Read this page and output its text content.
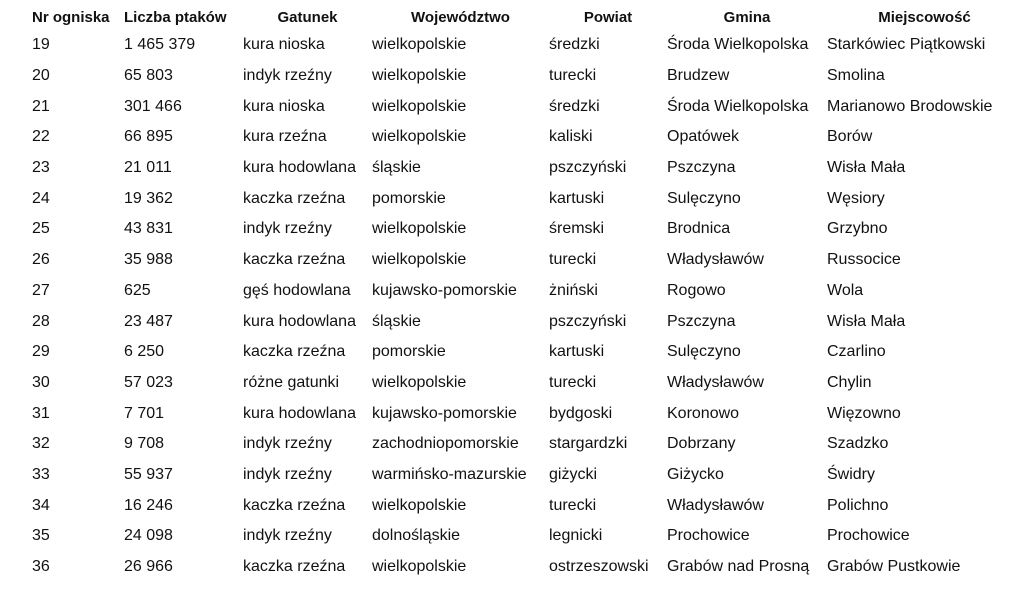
Nr ogniska	Liczba ptaków	Gatunek	Województwo	Powiat	Gmina	Miejscowość
19	1 465 379	kura nioska	wielkopolskie	średzki	Środa Wielkopolska	Starkówiec Piątkowski
20	65 803	indyk rzeźny	wielkopolskie	turecki	Brudzew	Smolina
21	301 466	kura nioska	wielkopolskie	średzki	Środa Wielkopolska	Marianowo Brodowskie
22	66 895	kura rzeźna	wielkopolskie	kaliski	Opatówek	Borów
23	21 011	kura hodowlana	śląskie	pszczyński	Pszczyna	Wisła Mała
24	19 362	kaczka rzeźna	pomorskie	kartuski	Sulęczyno	Węsiory
25	43 831	indyk rzeźny	wielkopolskie	śremski	Brodnica	Grzybno
26	35 988	kaczka rzeźna	wielkopolskie	turecki	Władysławów	Russocice
27	625	gęś hodowlana	kujawsko-pomorskie	żniński	Rogowo	Wola
28	23 487	kura hodowlana	śląskie	pszczyński	Pszczyna	Wisła Mała
29	6 250	kaczka rzeźna	pomorskie	kartuski	Sulęczyno	Czarlino
30	57 023	różne gatunki	wielkopolskie	turecki	Władysławów	Chylin
31	7 701	kura hodowlana	kujawsko-pomorskie	bydgoski	Koronowo	Więzowno
32	9 708	indyk rzeźny	zachodniopomorskie	stargardzki	Dobrzany	Szadzko
33	55 937	indyk rzeźny	warmińsko-mazurskie	giżycki	Giżycko	Świdry
34	16 246	kaczka rzeźna	wielkopolskie	turecki	Władysławów	Polichno
35	24 098	indyk rzeźny	dolnośląskie	legnicki	Prochowice	Prochowice
36	26 966	kaczka rzeźna	wielkopolskie	ostrzeszowski	Grabów nad Prosną	Grabów Pustkowie
